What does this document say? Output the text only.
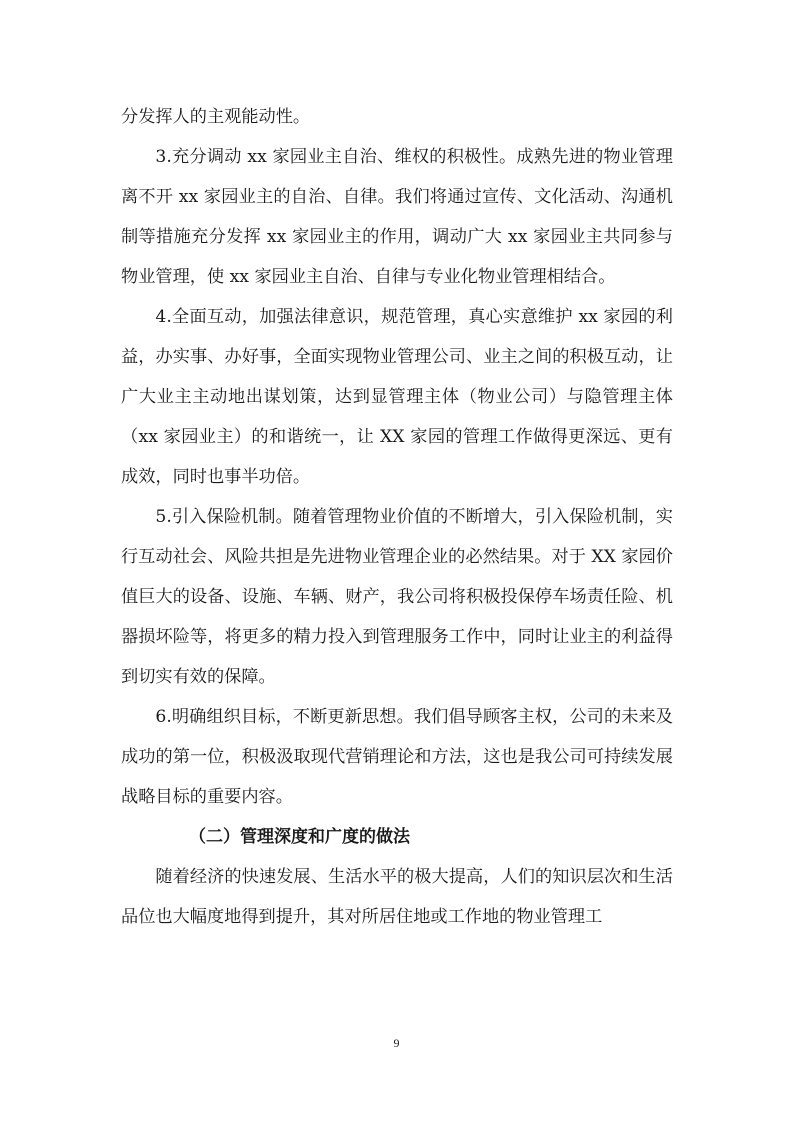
分发挥人的主观能动性。

3.充分调动 xx 家园业主自治、维权的积极性。成熟先进的物业管理离不开 xx 家园业主的自治、自律。我们将通过宣传、文化活动、沟通机制等措施充分发挥 xx 家园业主的作用，调动广大 xx 家园业主共同参与物业管理，使 xx 家园业主自治、自律与专业化物业管理相结合。

4.全面互动，加强法律意识，规范管理，真心实意维护 xx 家园的利益，办实事、办好事，全面实现物业管理公司、业主之间的积极互动，让广大业主主动地出谋划策，达到显管理主体（物业公司）与隐管理主体（xx 家园业主）的和谐统一，让 XX 家园的管理工作做得更深远、更有成效，同时也事半功倍。

5.引入保险机制。随着管理物业价值的不断增大，引入保险机制，实行互动社会、风险共担是先进物业管理企业的必然结果。对于 XX 家园价值巨大的设备、设施、车辆、财产，我公司将积极投保停车场责任险、机器损坏险等，将更多的精力投入到管理服务工作中，同时让业主的利益得到切实有效的保障。

6.明确组织目标，不断更新思想。我们倡导顾客主权，公司的未来及成功的第一位，积极汲取现代营销理论和方法，这也是我公司可持续发展战略目标的重要内容。

（二）管理深度和广度的做法

随着经济的快速发展、生活水平的极大提高，人们的知识层次和生活品位也大幅度地得到提升，其对所居住地或工作地的物业管理工

9
